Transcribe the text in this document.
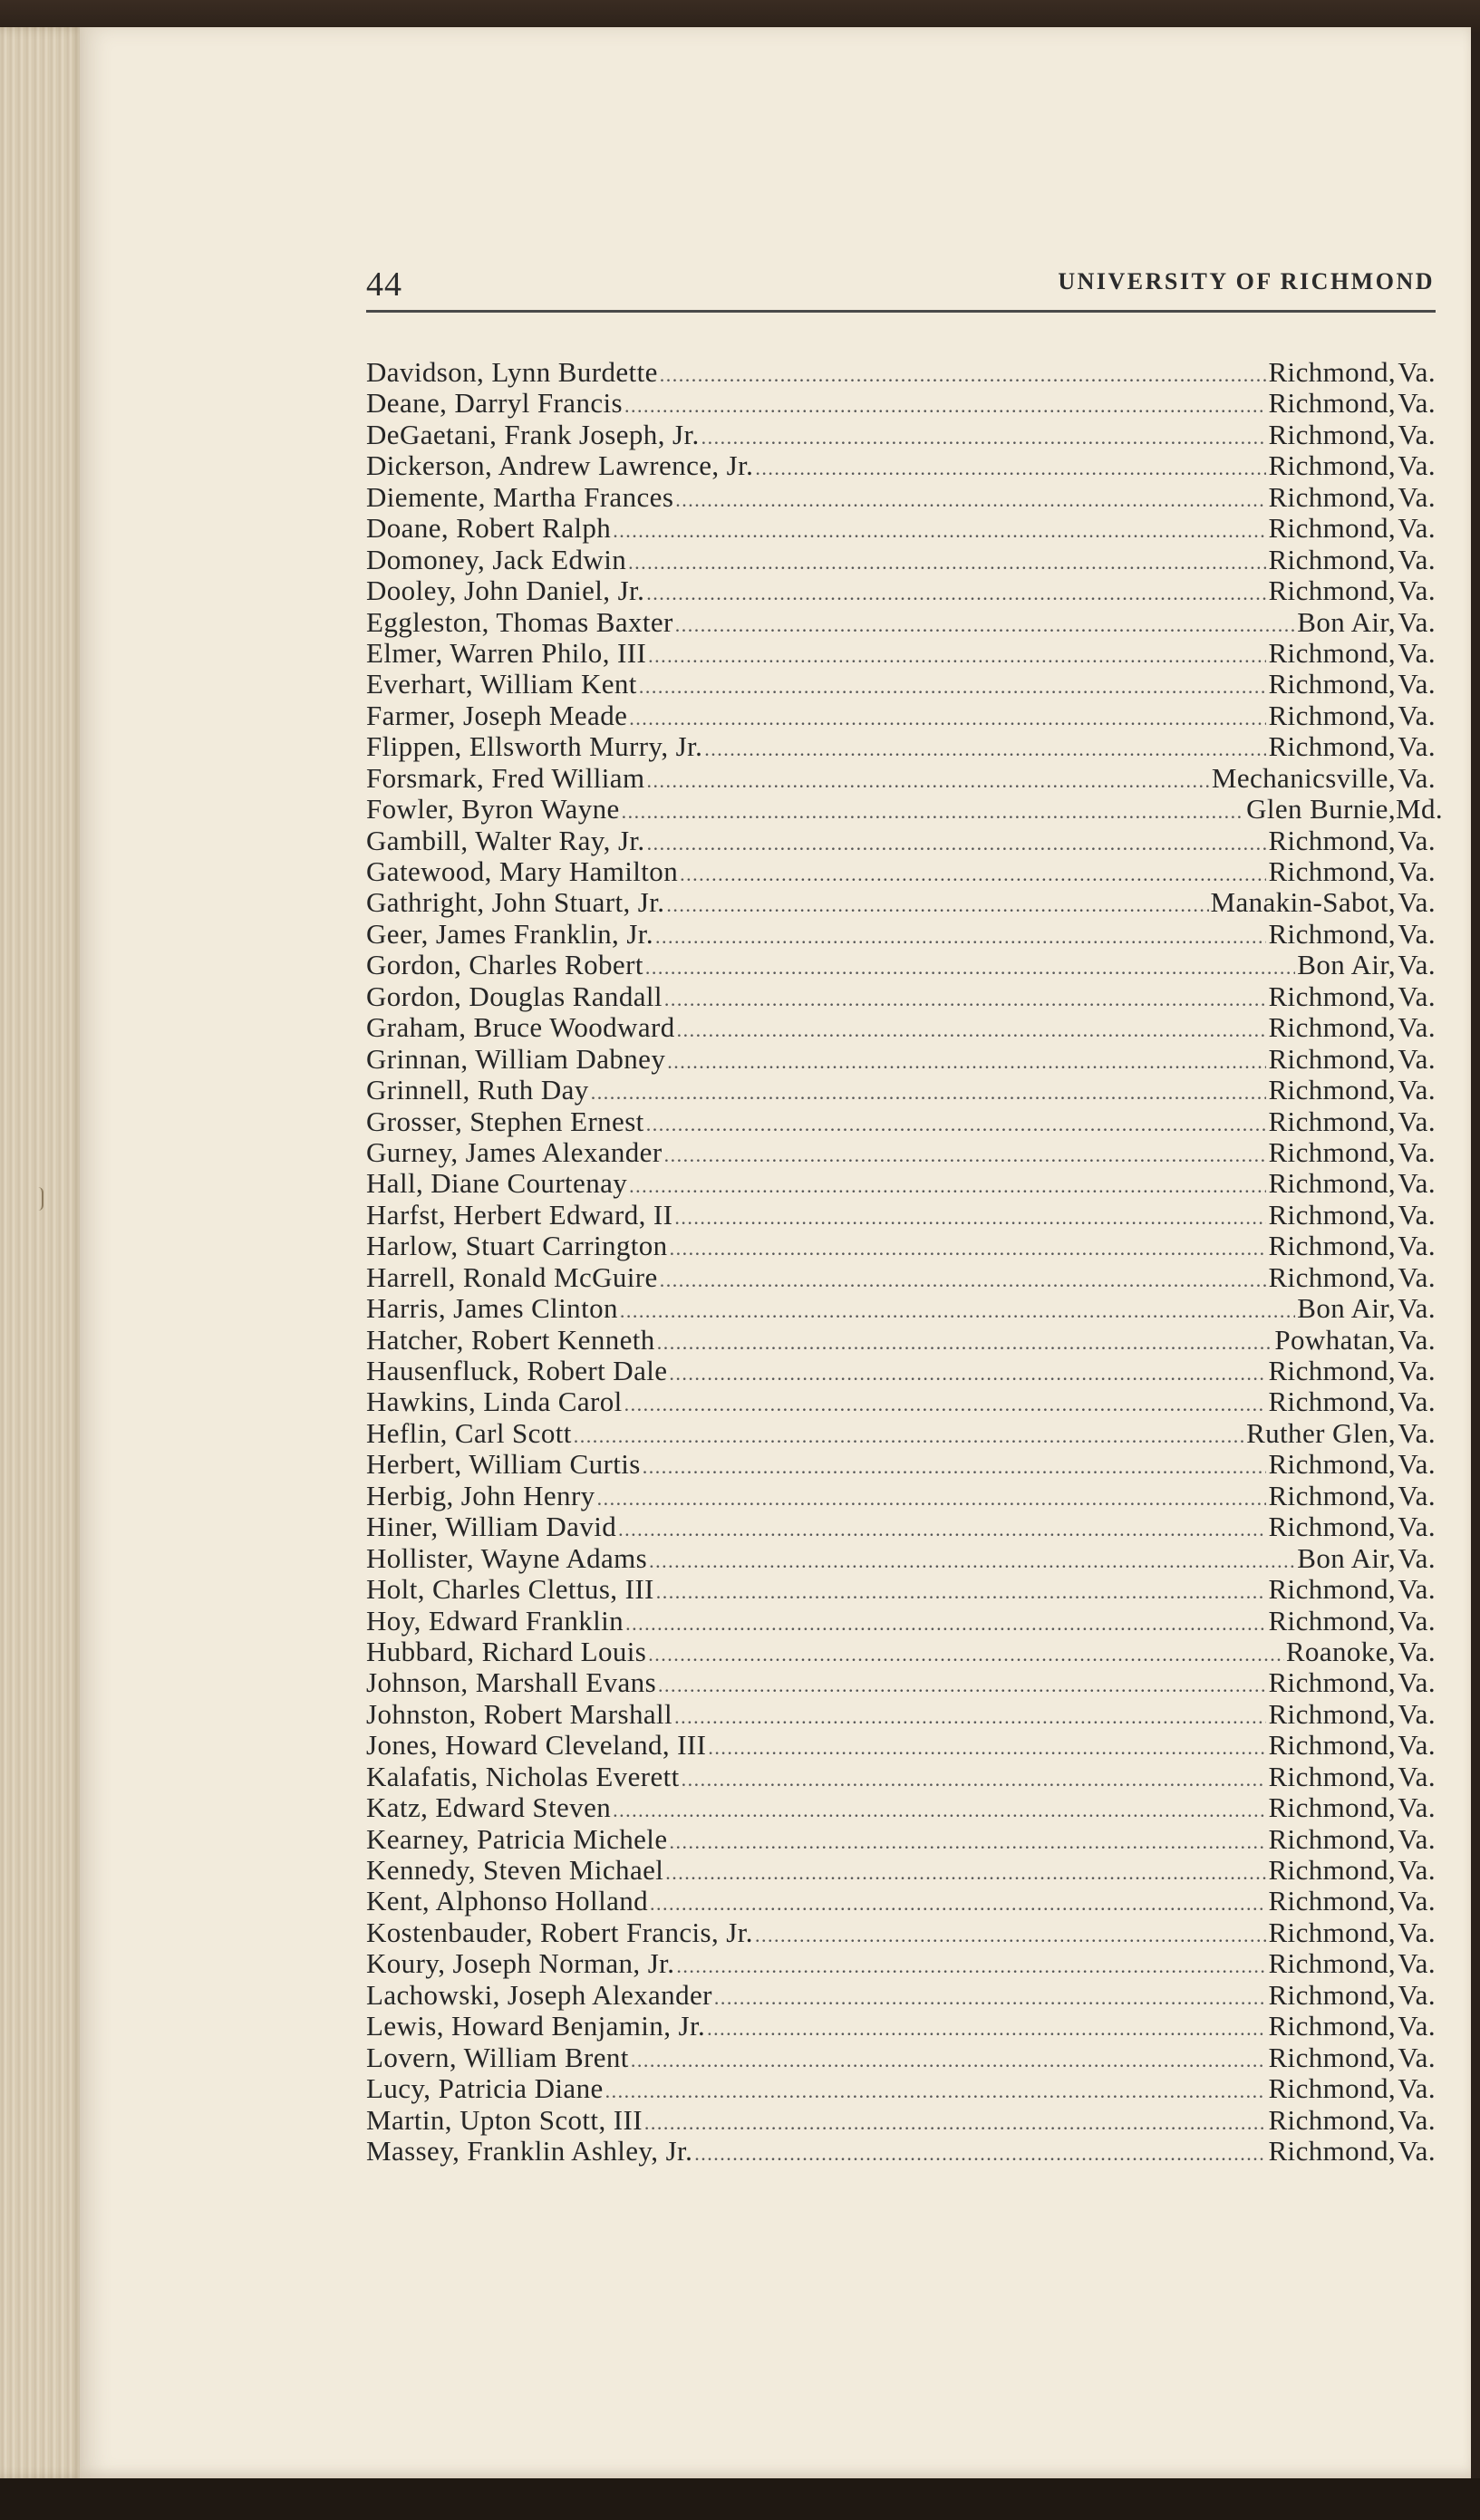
44	UNIVERSITY OF RICHMOND
Davidson, Lynn Burdette .....	Richmond, Va.
Deane, Darryl Francis .....	Richmond, Va.
DeGaetani, Frank Joseph, Jr. .....	Richmond, Va.
Dickerson, Andrew Lawrence, Jr. .....	Richmond, Va.
Diemente, Martha Frances .....	Richmond, Va.
Doane, Robert Ralph .....	Richmond, Va.
Domoney, Jack Edwin .....	Richmond, Va.
Dooley, John Daniel, Jr. .....	Richmond, Va.
Eggleston, Thomas Baxter .....	Bon Air, Va.
Elmer, Warren Philo, III .....	Richmond, Va.
Everhart, William Kent .....	Richmond, Va.
Farmer, Joseph Meade .....	Richmond, Va.
Flippen, Ellsworth Murry, Jr. .....	Richmond, Va.
Forsmark, Fred William .....	Mechanicsville, Va.
Fowler, Byron Wayne .....	Glen Burnie, Md.
Gambill, Walter Ray, Jr. .....	Richmond, Va.
Gatewood, Mary Hamilton .....	Richmond, Va.
Gathright, John Stuart, Jr. .....	Manakin-Sabot, Va.
Geer, James Franklin, Jr. .....	Richmond, Va.
Gordon, Charles Robert .....	Bon Air, Va.
Gordon, Douglas Randall .....	Richmond, Va.
Graham, Bruce Woodward .....	Richmond, Va.
Grinnan, William Dabney .....	Richmond, Va.
Grinnell, Ruth Day .....	Richmond, Va.
Grosser, Stephen Ernest .....	Richmond, Va.
Gurney, James Alexander .....	Richmond, Va.
Hall, Diane Courtenay .....	Richmond, Va.
Harfst, Herbert Edward, II .....	Richmond, Va.
Harlow, Stuart Carrington .....	Richmond, Va.
Harrell, Ronald McGuire .....	Richmond, Va.
Harris, James Clinton .....	Bon Air, Va.
Hatcher, Robert Kenneth .....	Powhatan, Va.
Hausenfluck, Robert Dale .....	Richmond, Va.
Hawkins, Linda Carol .....	Richmond, Va.
Heflin, Carl Scott .....	Ruther Glen, Va.
Herbert, William Curtis .....	Richmond, Va.
Herbig, John Henry .....	Richmond, Va.
Hiner, William David .....	Richmond, Va.
Hollister, Wayne Adams .....	Bon Air, Va.
Holt, Charles Clettus, III .....	Richmond, Va.
Hoy, Edward Franklin .....	Richmond, Va.
Hubbard, Richard Louis .....	Roanoke, Va.
Johnson, Marshall Evans .....	Richmond, Va.
Johnston, Robert Marshall .....	Richmond, Va.
Jones, Howard Cleveland, III .....	Richmond, Va.
Kalafatis, Nicholas Everett .....	Richmond, Va.
Katz, Edward Steven .....	Richmond, Va.
Kearney, Patricia Michele .....	Richmond, Va.
Kennedy, Steven Michael .....	Richmond, Va.
Kent, Alphonso Holland .....	Richmond, Va.
Kostenbauder, Robert Francis, Jr. .....	Richmond, Va.
Koury, Joseph Norman, Jr. .....	Richmond, Va.
Lachowski, Joseph Alexander .....	Richmond, Va.
Lewis, Howard Benjamin, Jr. .....	Richmond, Va.
Lovern, William Brent .....	Richmond, Va.
Lucy, Patricia Diane .....	Richmond, Va.
Martin, Upton Scott, III .....	Richmond, Va.
Massey, Franklin Ashley, Jr. .....	Richmond, Va.
